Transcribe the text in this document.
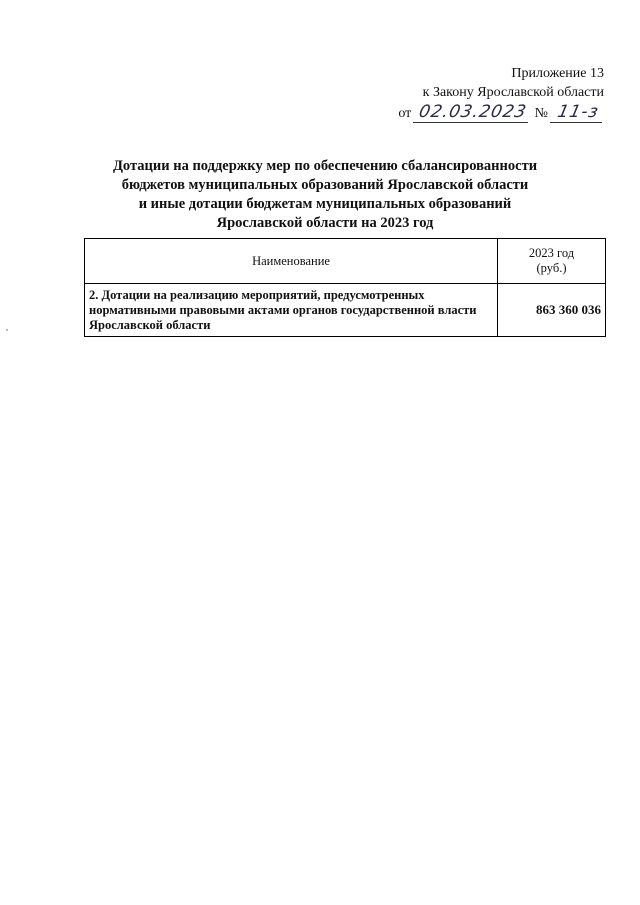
Приложение 13
к Закону Ярославской области
от 02.03.2023 № 11-з
Дотации на поддержку мер по обеспечению сбалансированности
бюджетов муниципальных образований Ярославской области
и иные дотации бюджетам муниципальных образований
Ярославской области на 2023 год
Наименование	2023 год
(руб.)

2. Дотации на реализацию мероприятий, предусмотренных нормативными правовыми актами органов государственной власти Ярославской области	863 360 036
